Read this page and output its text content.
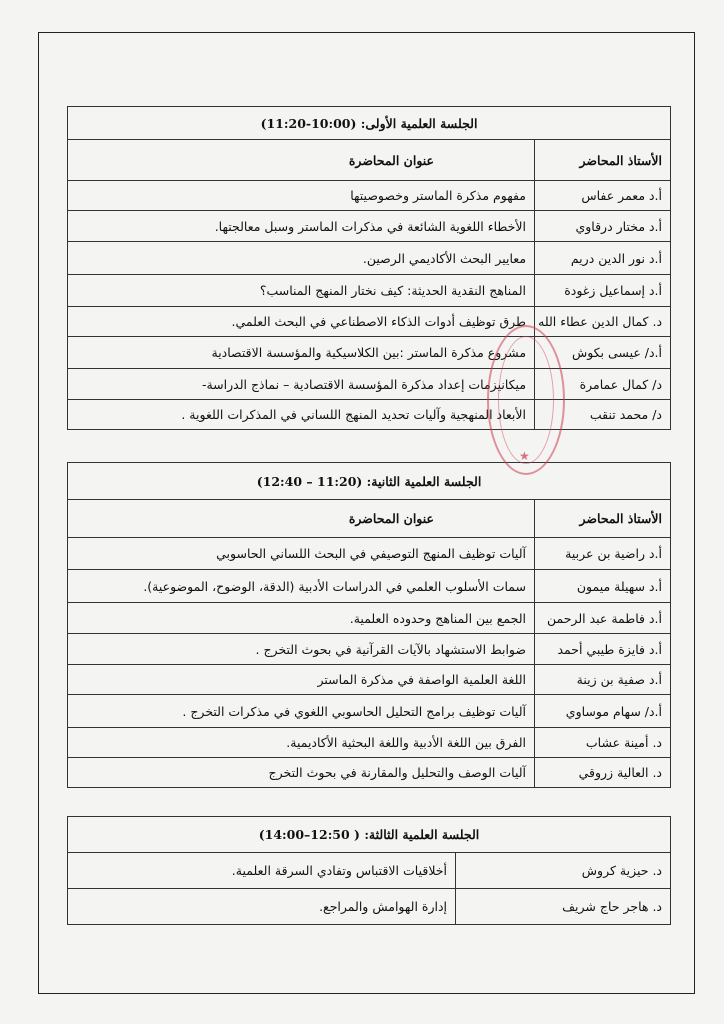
الجلسة العلمية الأولى: (10:00-11:20)	
الأستاذ المحاضر	عنوان المحاضرة
أ.د معمر عفاس	مفهوم مذكرة الماستر وخصوصيتها
أ.د مختار درقاوي	الأخطاء اللغوية الشائعة في مذكرات الماستر وسبل معالجتها.
أ.د نور الدين دريم	معايير البحث الأكاديمي الرصين.
أ.د إسماعيل زغودة	المناهج النقدية الحديثة: كيف نختار المنهج المناسب؟
د. كمال الدين عطاء الله	طرق توظيف أدوات الذكاء الاصطناعي في البحث العلمي.
أ.د/ عيسى بكوش	مشروع مذكرة الماستر :بين الكلاسيكية والمؤسسة الاقتصادية
د/ كمال عمامرة	ميكانيزمات إعداد مذكرة المؤسسة الاقتصادية – نماذج الدراسة-
د/ محمد تنقب	الأبعاد المنهجية وآليات تحديد المنهج اللساني في المذكرات اللغوية .
الجلسة العلمية الثانية: (11:20 – 12:40)	
الأستاذ المحاضر	عنوان المحاضرة
أ.د راضية بن عربية	آليات توظيف المنهج التوصيفي في البحث اللساني الحاسوبي
أ.د سهيلة ميمون	سمات الأسلوب العلمي في الدراسات الأدبية (الدقة، الوضوح، الموضوعية).
أ.د فاطمة عبد الرحمن	الجمع بين المناهج وحدوده العلمية.
أ.د فايزة طيبي أحمد	ضوابط الاستشهاد بالآيات القرآنية في بحوث التخرج .
أ.د صفية بن زينة	اللغة العلمية الواصفة في مذكرة الماستر
أ.د/ سهام موساوي	آليات توظيف برامج التحليل الحاسوبي اللغوي في مذكرات التخرج .
د. أمينة عشاب	الفرق بين اللغة الأدبية واللغة البحثية الأكاديمية.
د. العالية زروقي	آليات الوصف والتحليل والمقارنة في بحوث التخرج
الجلسة العلمية الثالثة: ( 12:50–14:00)	
د. حيزية كروش	أخلاقيات الاقتباس وتفادي السرقة العلمية.
د. هاجر حاج شريف	إدارة الهوامش والمراجع.
★
